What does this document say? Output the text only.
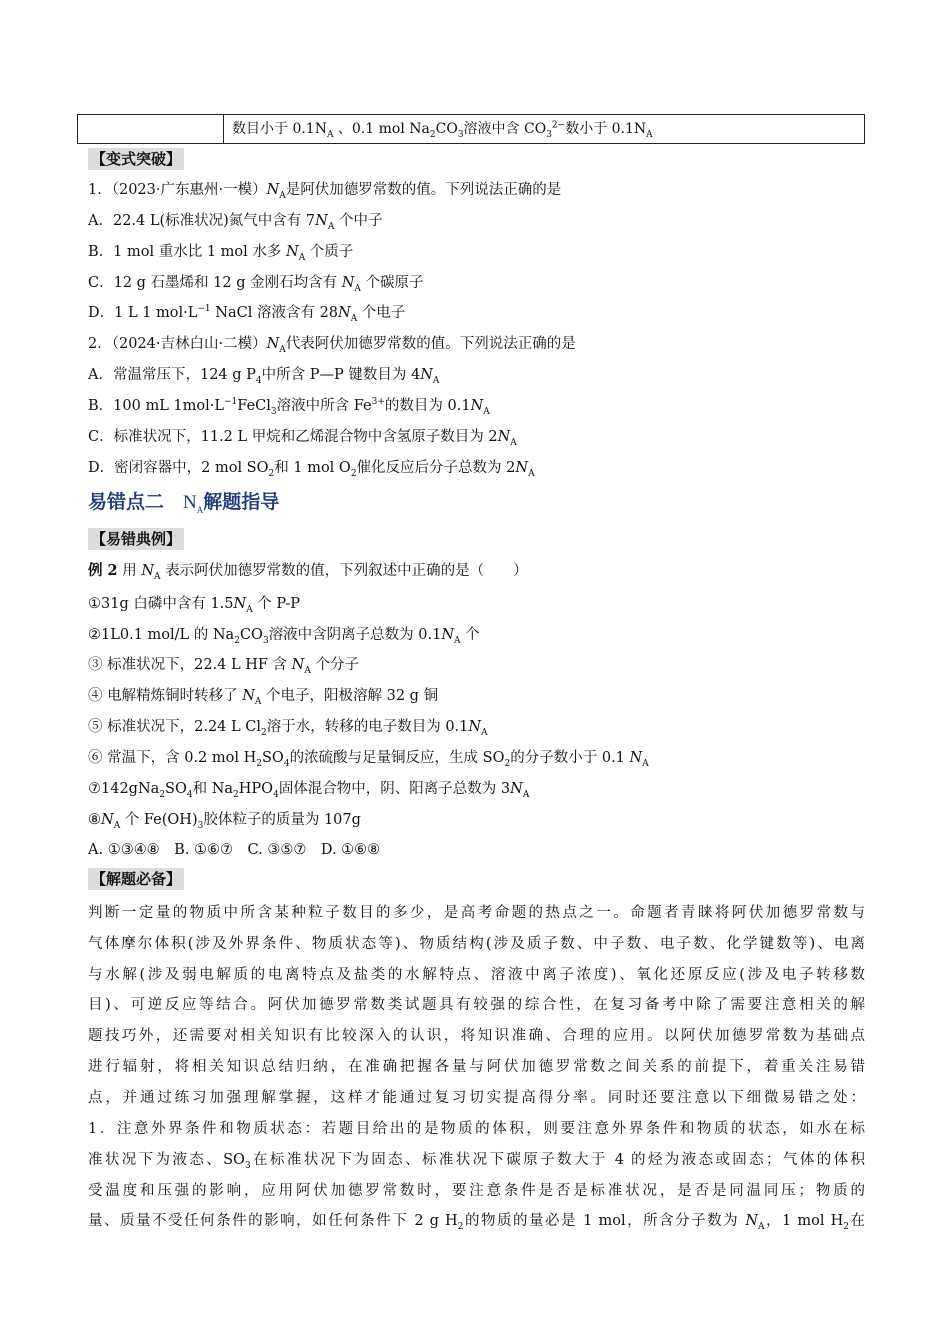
数目小于 $0.1N_A$ 、0.1 mol $Na_2CO_3$溶液中含 $CO_3^{2-}$数小于 $0.1N_A$
【变式突破】
1．（2023·广东惠州·一模）$N_A$是阿伏加德罗常数的值。下列说法正确的是
A．22.4 L(标准状况)氮气中含有 $7N_A$ 个中子
B．1 mol 重水比 1 mol 水多 $N_A$ 个质子
C．12 g 石墨烯和 12 g 金刚石均含有 $N_A$ 个碳原子
D．1 L 1 $mol\cdot L^{-1}$ NaCl 溶液含有 $28N_A$ 个电子
2．（2024·吉林白山·二模）$N_A$代表阿伏加德罗常数的值。下列说法正确的是
A．常温常压下，124 g $P_4$中所含 P—P 键数目为 $4N_A$
B．100 mL $1mol\cdot L^{-1}FeCl_3$溶液中所含 $Fe^{3+}$的数目为 $0.1N_A$
C．标准状况下，11.2 L 甲烷和乙烯混合物中含氢原子数目为 $2N_A$
D．密闭容器中，2 mol $SO_2$和 1 mol $O_2$催化反应后分子总数为 $2N_A$
易错点二　$N_A$解题指导
【易错典例】
例 2 用 $N_A$ 表示阿伏加德罗常数的值，下列叙述中正确的是（　　）
①31g 白磷中含有 $1.5N_A$ 个 P-P
②1L0.1 mol/L 的 $Na_2CO_3$溶液中含阴离子总数为 $0.1N_A$ 个
③ 标准状况下，22.4 L HF 含 $N_A$ 个分子
④ 电解精炼铜时转移了 $N_A$ 个电子，阳极溶解 32 g 铜
⑤ 标准状况下，2.24 L $Cl_2$溶于水，转移的电子数目为 $0.1N_A$
⑥ 常温下，含 0.2 mol $H_2SO_4$的浓硫酸与足量铜反应，生成 $SO_2$的分子数小于 0.1 $N_A$
$⑦142gNa_2SO_4$和 $Na_2HPO_4$固体混合物中，阴、阳离子总数为 $3N_A$
$⑧N_A$ 个 $Fe(OH)_3$胶体粒子的质量为 107g
A. ①③④⑧　B. ①⑥⑦　C. ③⑤⑦　D. ①⑥⑧
【解题必备】
判断一定量的物质中所含某种粒子数目的多少，是高考命题的热点之一。命题者青睐将阿伏加德罗常数与
气体摩尔体积(涉及外界条件、物质状态等)、物质结构(涉及质子数、中子数、电子数、化学键数等)、电离
与水解(涉及弱电解质的电离特点及盐类的水解特点、溶液中离子浓度)、氧化还原反应(涉及电子转移数
目)、可逆反应等结合。阿伏加德罗常数类试题具有较强的综合性，在复习备考中除了需要注意相关的解
题技巧外，还需要对相关知识有比较深入的认识，将知识准确、合理的应用。以阿伏加德罗常数为基础点
进行辐射，将相关知识总结归纳，在准确把握各量与阿伏加德罗常数之间关系的前提下，着重关注易错
点，并通过练习加强理解掌握，这样才能通过复习切实提高得分率。同时还要注意以下细微易错之处：
1．注意外界条件和物质状态：若题目给出的是物质的体积，则要注意外界条件和物质的状态，如水在标
准状况下为液态、$SO_3$在标准状况下为固态、标准状况下碳原子数大于 4 的烃为液态或固态；气体的体积
受温度和压强的影响，应用阿伏加德罗常数时，要注意条件是否是标准状况，是否是同温同压；物质的
量、质量不受任何条件的影响，如任何条件下 2 g $H_2$的物质的量必是 1 mol，所含分子数为 $N_A$，1 mol $H_2$在
